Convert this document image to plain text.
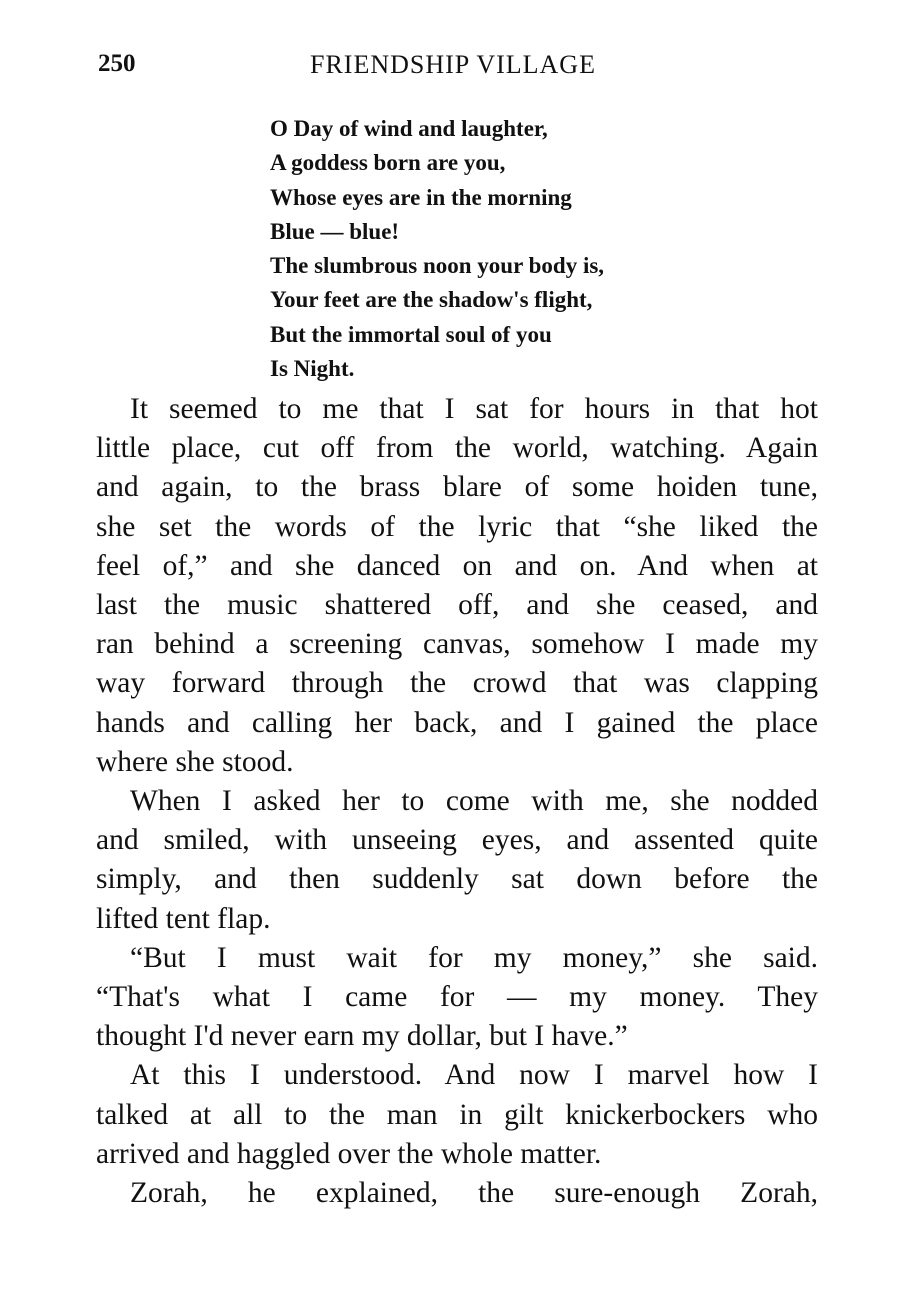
250	FRIENDSHIP VILLAGE
O Day of wind and laughter,
A goddess born are you,
Whose eyes are in the morning
Blue — blue!
The slumbrous noon your body is,
Your feet are the shadow's flight,
But the immortal soul of you
Is Night.
It seemed to me that I sat for hours in that hot
little place, cut off from the world, watching. Again
and again, to the brass blare of some hoiden tune,
she set the words of the lyric that “she liked the
feel of,” and she danced on and on. And when at
last the music shattered off, and she ceased, and
ran behind a screening canvas, somehow I made my
way forward through the crowd that was clapping
hands and calling her back, and I gained the place
where she stood.
When I asked her to come with me, she nodded
and smiled, with unseeing eyes, and assented quite
simply, and then suddenly sat down before the
lifted tent flap.
“But I must wait for my money,” she said.
“That's what I came for — my money. They
thought I'd never earn my dollar, but I have.”
At this I understood. And now I marvel how I
talked at all to the man in gilt knickerbockers who
arrived and haggled over the whole matter.
Zorah, he explained, the sure-enough Zorah,
